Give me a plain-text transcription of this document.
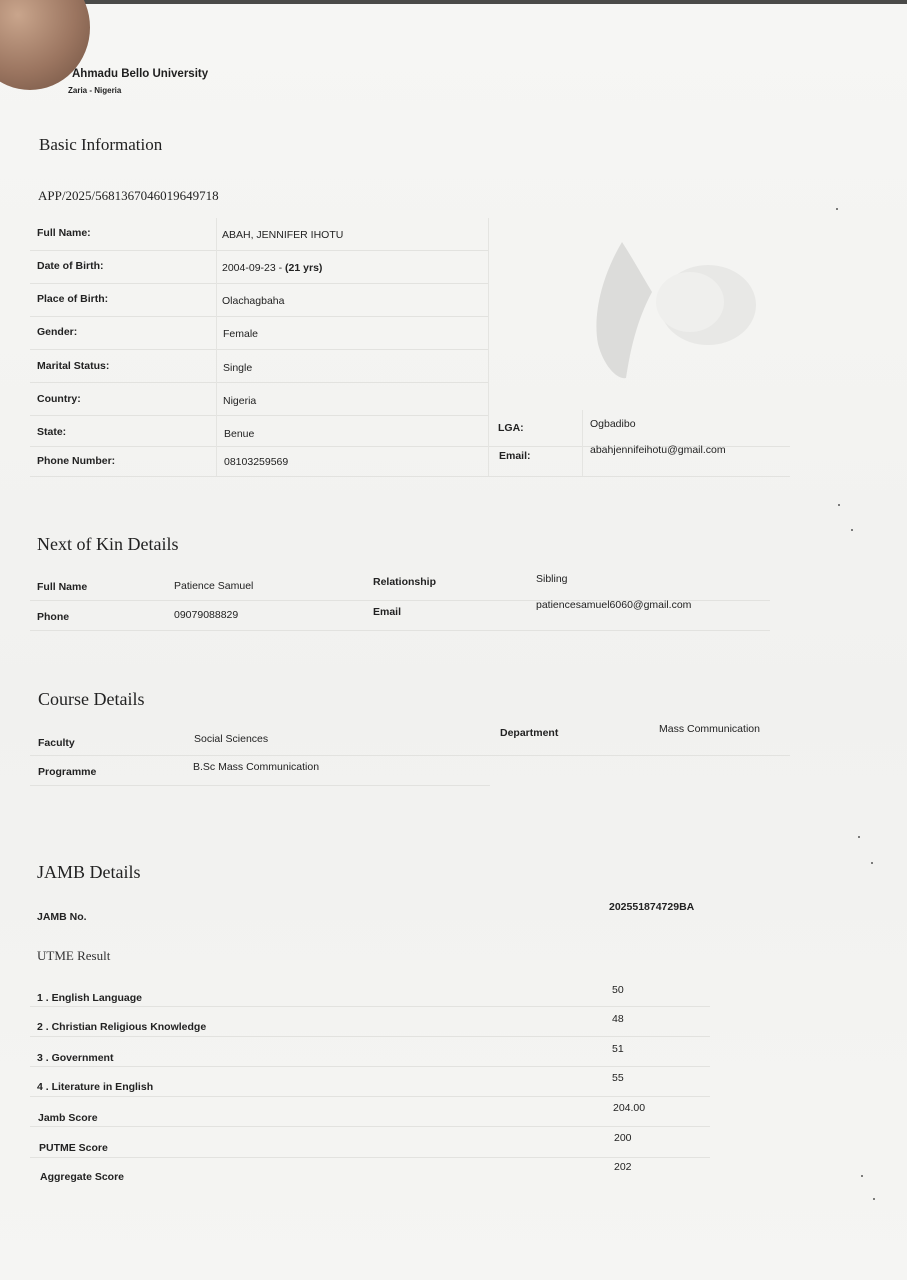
Ahmadu Bello University
Zaria - Nigeria
Basic Information
APP/2025/5681367046019649718
Full Name:	ABAH, JENNIFER IHOTU
Date of Birth:	2004-09-23 - (21 yrs)
Place of Birth:	Olachagbaha
Gender:	Female
Marital Status:	Single
Country:	Nigeria
State:	Benue	LGA:	Ogbadibo
Phone Number:	08103259569	Email:	abahjennifeihotu@gmail.com
Next of Kin Details
Full Name	Patience Samuel	Relationship	Sibling
Phone	09079088829	Email
patiencesamuel6060@gmail.com
Course Details
Faculty	Social Sciences	Department	Mass Communication
Programme	B.Sc Mass Communication
JAMB Details
JAMB No.
202551874729BA
UTME Result
1 . English Language
50
2 . Christian Religious Knowledge
48
3 . Government
51
4 . Literature in English
55
Jamb Score
204.00
PUTME Score
200
Aggregate Score
202
